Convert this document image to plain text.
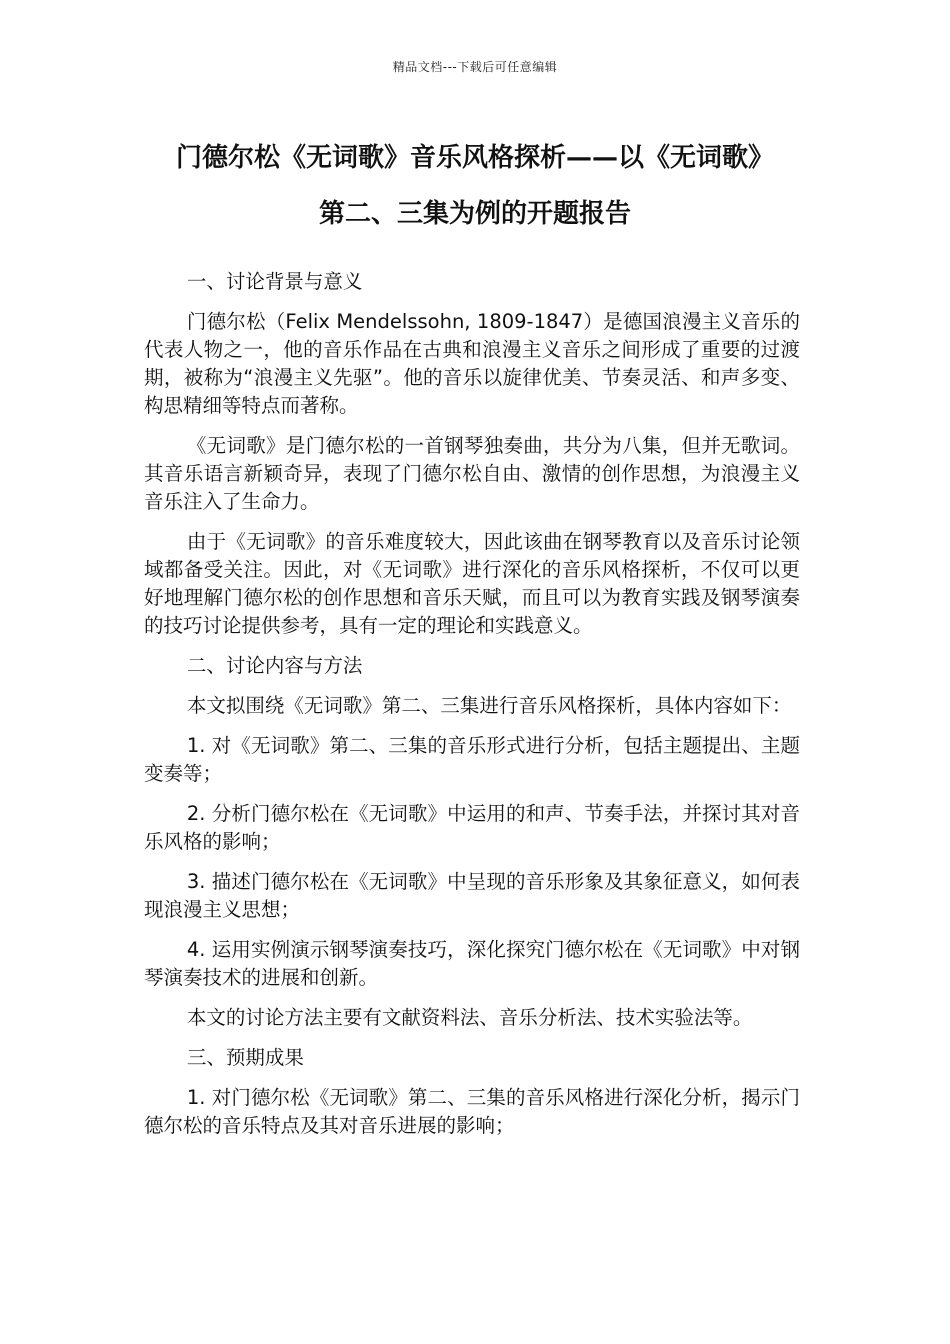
精品文档---下载后可任意编辑
门德尔松《无词歌》音乐风格探析——以《无词歌》
第二、三集为例的开题报告

一、讨论背景与意义

门德尔松（Felix Mendelssohn, 1809-1847）是德国浪漫主义音乐的代表人物之一，他的音乐作品在古典和浪漫主义音乐之间形成了重要的过渡期，被称为“浪漫主义先驱”。他的音乐以旋律优美、节奏灵活、和声多变、构思精细等特点而著称。

《无词歌》是门德尔松的一首钢琴独奏曲，共分为八集，但并无歌词。其音乐语言新颖奇异，表现了门德尔松自由、激情的创作思想，为浪漫主义音乐注入了生命力。

由于《无词歌》的音乐难度较大，因此该曲在钢琴教育以及音乐讨论领域都备受关注。因此，对《无词歌》进行深化的音乐风格探析，不仅可以更好地理解门德尔松的创作思想和音乐天赋，而且可以为教育实践及钢琴演奏的技巧讨论提供参考，具有一定的理论和实践意义。

二、讨论内容与方法

本文拟围绕《无词歌》第二、三集进行音乐风格探析，具体内容如下：

1. 对《无词歌》第二、三集的音乐形式进行分析，包括主题提出、主题变奏等；

2. 分析门德尔松在《无词歌》中运用的和声、节奏手法，并探讨其对音乐风格的影响；

3. 描述门德尔松在《无词歌》中呈现的音乐形象及其象征意义，如何表现浪漫主义思想；

4. 运用实例演示钢琴演奏技巧，深化探究门德尔松在《无词歌》中对钢琴演奏技术的进展和创新。

本文的讨论方法主要有文献资料法、音乐分析法、技术实验法等。

三、预期成果

1. 对门德尔松《无词歌》第二、三集的音乐风格进行深化分析，揭示门德尔松的音乐特点及其对音乐进展的影响；
